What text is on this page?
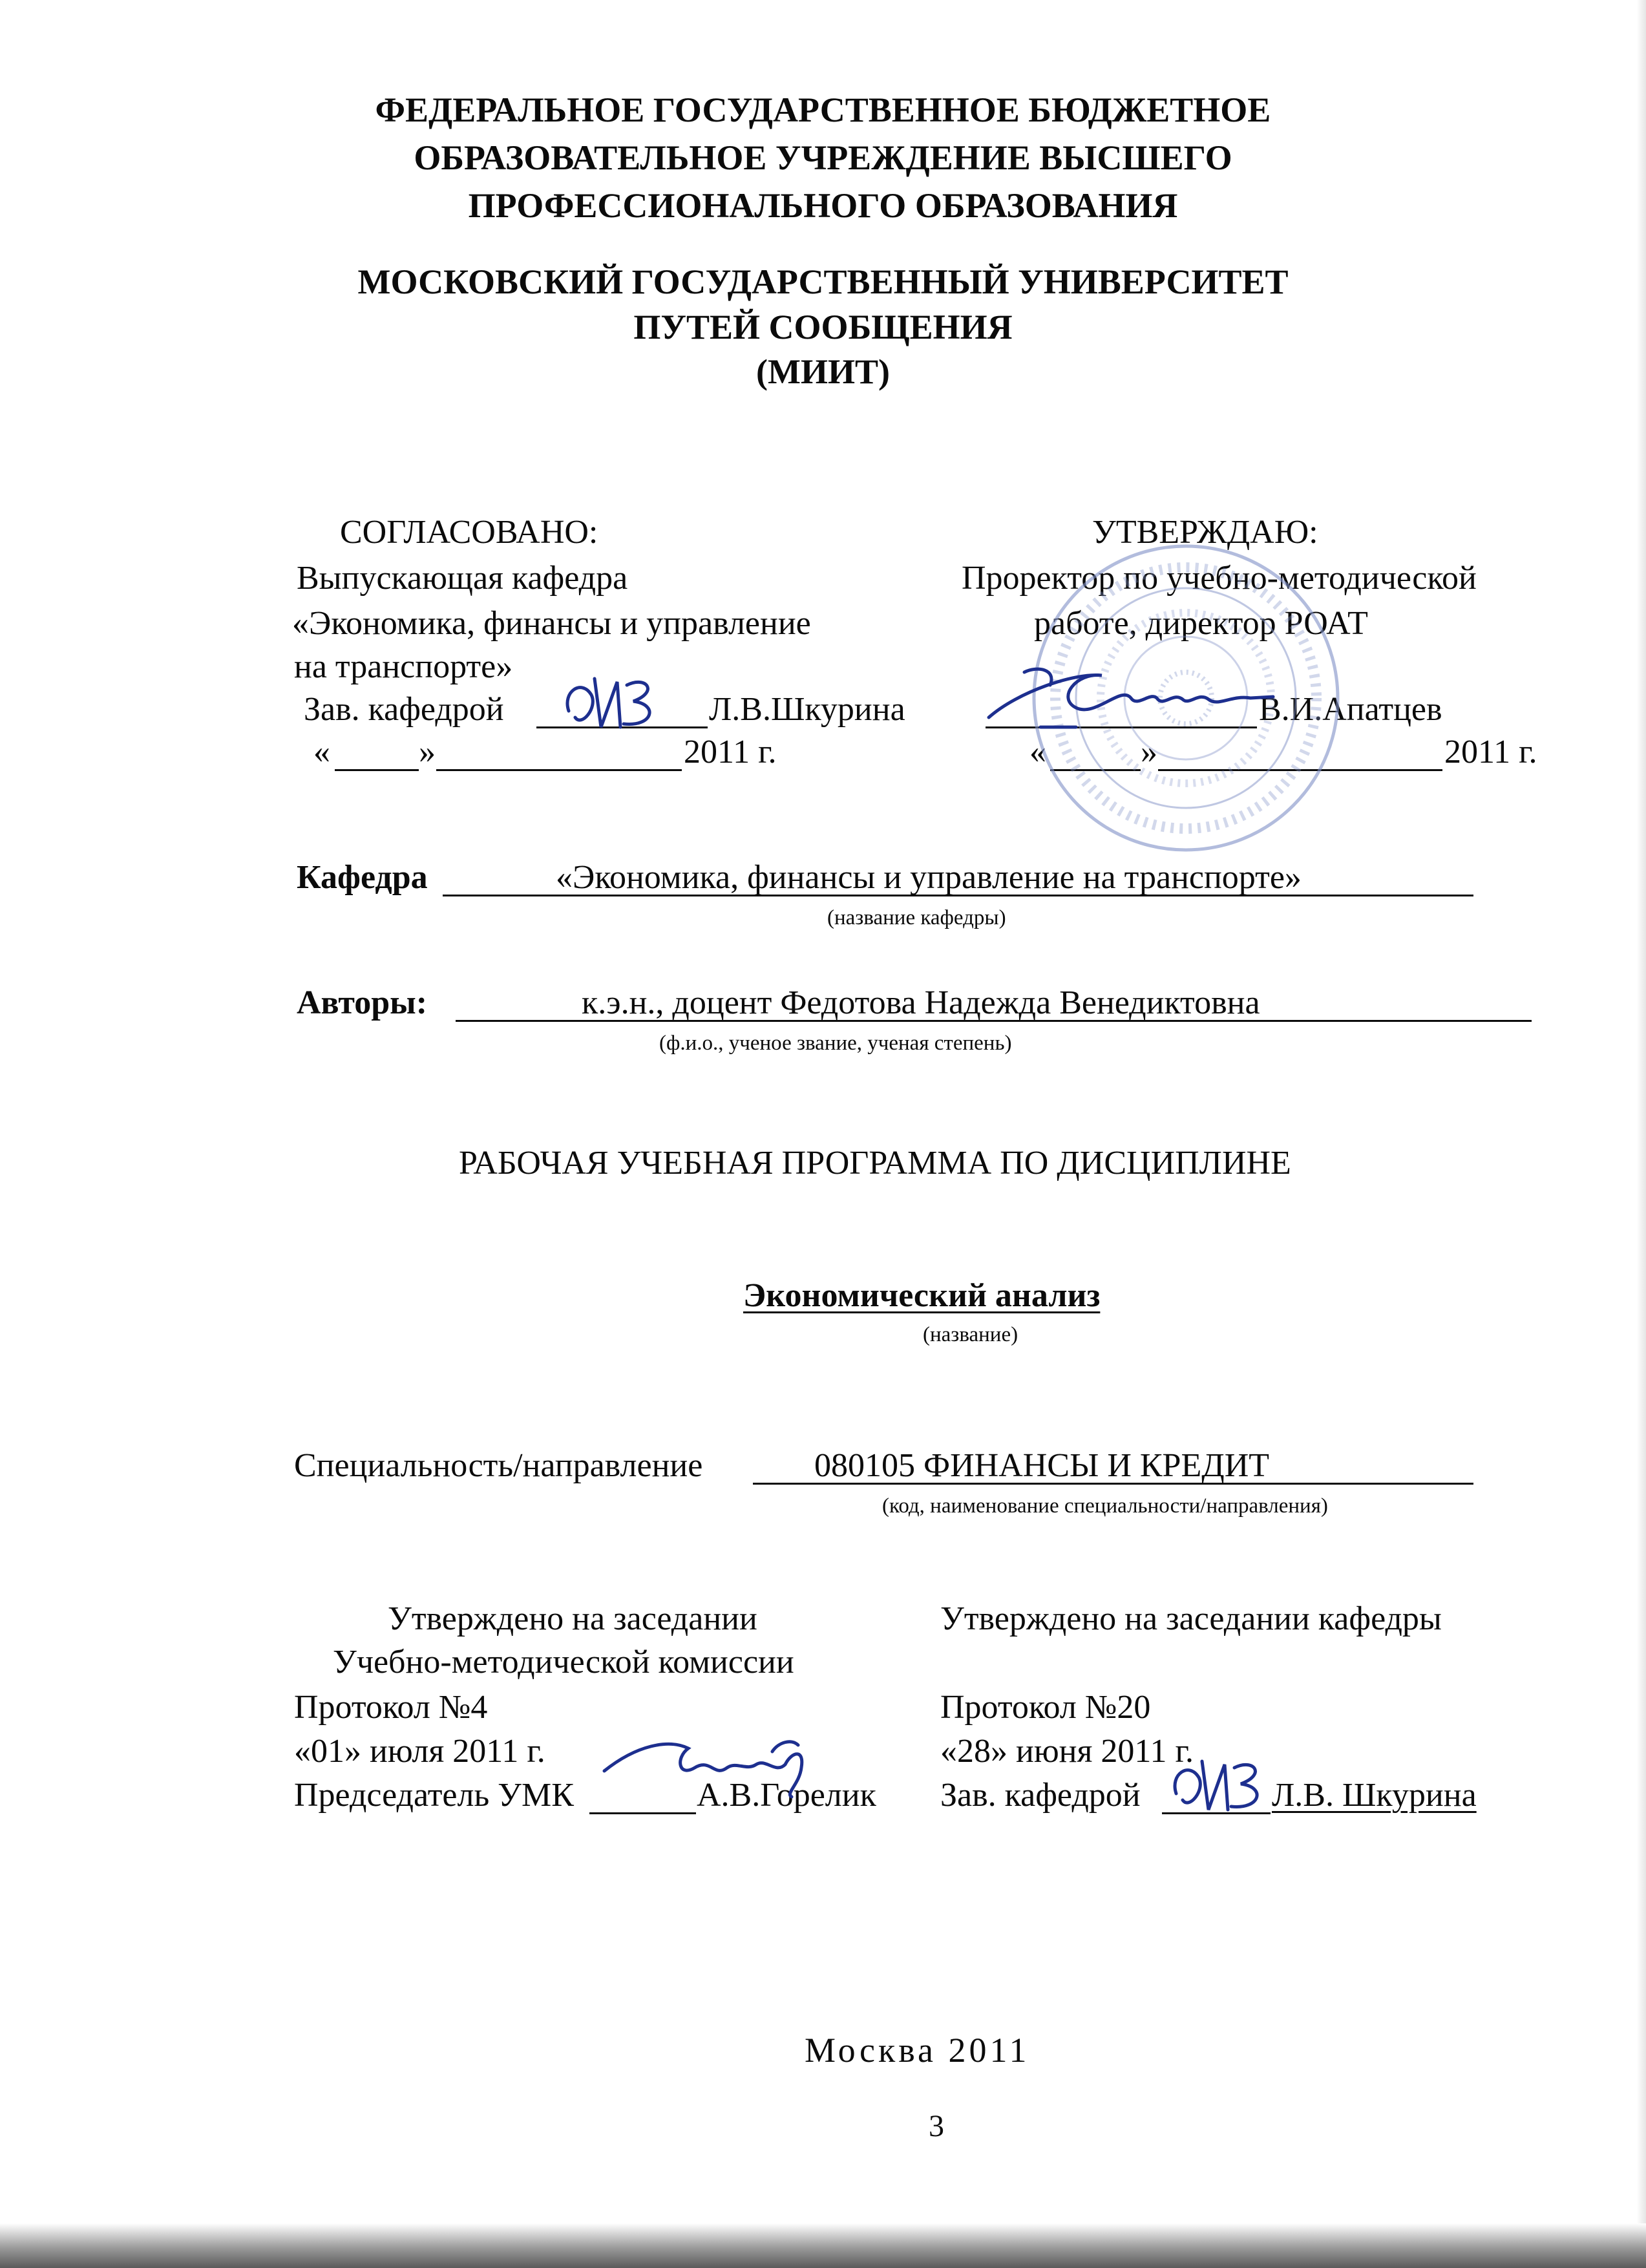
ФЕДЕРАЛЬНОЕ ГОСУДАРСТВЕННОЕ БЮДЖЕТНОЕ
ОБРАЗОВАТЕЛЬНОЕ УЧРЕЖДЕНИЕ ВЫСШЕГО
ПРОФЕССИОНАЛЬНОГО ОБРАЗОВАНИЯ
МОСКОВСКИЙ ГОСУДАРСТВЕННЫЙ УНИВЕРСИТЕТ
ПУТЕЙ СООБЩЕНИЯ
(МИИТ)
СОГЛАСОВАНО:
Выпускающая кафедра
«Экономика, финансы и управление
на транспорте»
Зав. кафедрой	Л.В.Шкурина
«	»	2011 г.
УТВЕРЖДАЮ:
Проректор по учебно-методической
работе, директор РОАТ
В.И.Апатцев
«	»	2011 г.
Кафедра	«Экономика, финансы и управление на транспорте»
(название кафедры)
Авторы:	к.э.н., доцент Федотова Надежда Венедиктовна
(ф.и.о., ученое звание, ученая степень)
РАБОЧАЯ УЧЕБНАЯ ПРОГРАММА ПО ДИСЦИПЛИНЕ
Экономический анализ
(название)
Специальность/направление	080105 ФИНАНСЫ И КРЕДИТ
(код, наименование специальности/направления)
Утверждено на заседании
Учебно-методической комиссии
Протокол №4
«01» июля 2011 г.
Председатель УМК	А.В.Горелик
Утверждено на заседании кафедры
Протокол №20
«28» июня 2011 г.
Зав. кафедрой	Л.В. Шкурина
Москва 2011
3
